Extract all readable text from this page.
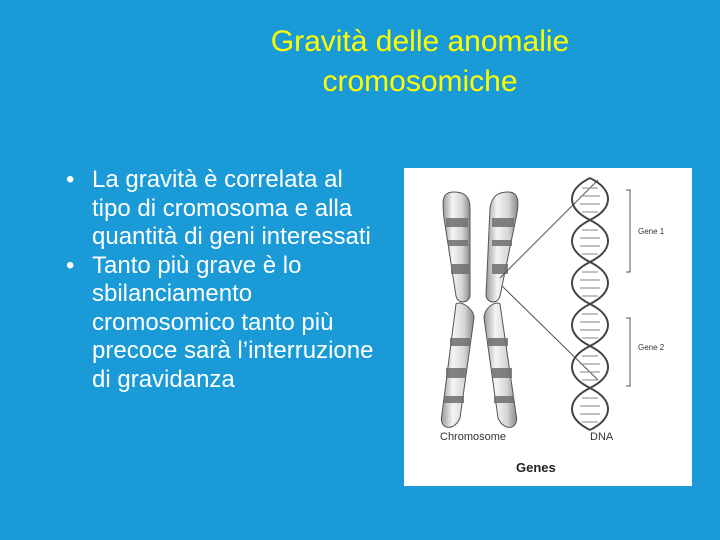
Gravità delle anomalie
cromosomiche
• La gravità è correlata al tipo di cromosoma e alla quantità di geni interessati
• Tanto più grave è lo sbilanciamento cromosomico tanto più precoce sarà l’interruzione di gravidanza
Gene 1
Gene 2
Chromosome	DNA
Genes
